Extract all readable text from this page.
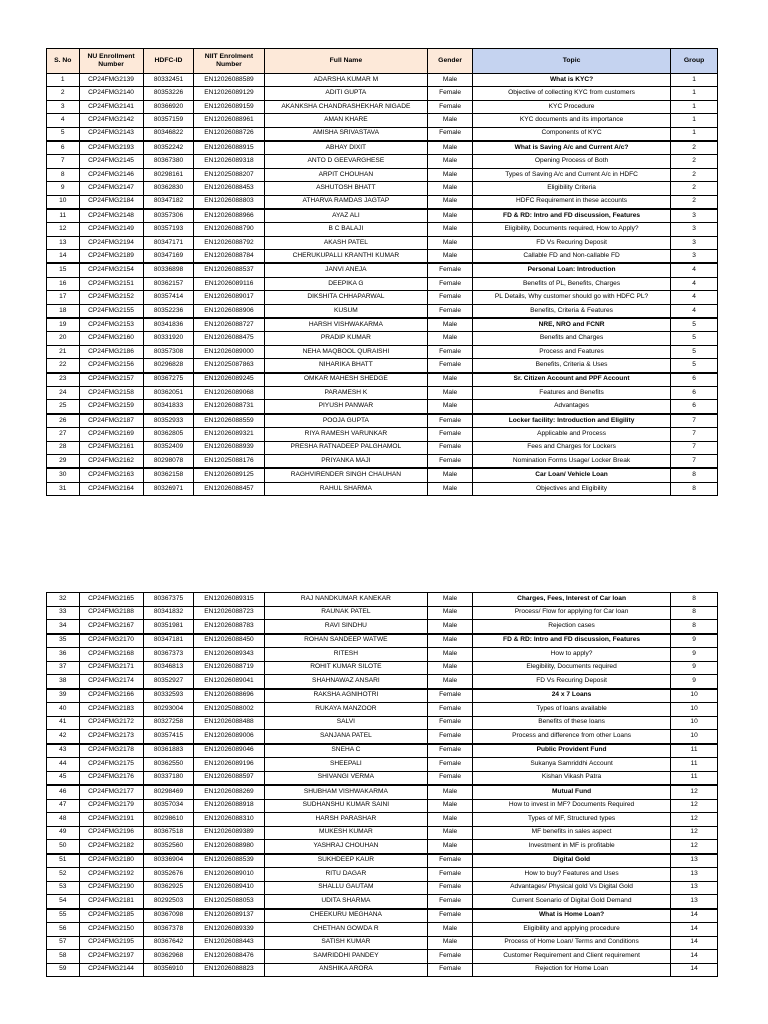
S. No	NU Enrollment Number	HDFC-ID	NIIT Enrolment Number	Full Name	Gender	Topic	Group
1	CP24FMG2139	80332451	EN12026088589	ADARSHA KUMAR M	Male	What is KYC?	1
2	CP24FMG2140	80353226	EN12026089129	ADITI GUPTA	Female	Objective of collecting KYC from customers	1
3	CP24FMG2141	80366920	EN12026089159	AKANKSHA CHANDRASHEKHAR NIGADE	Female	KYC Procedure	1
4	CP24FMG2142	80357159	EN12026088961	AMAN KHARE	Male	KYC documents and its importance	1
5	CP24FMG2143	80346822	EN12026088726	AMISHA SRIVASTAVA	Female	Components of KYC	1
6	CP24FMG2193	80352242	EN12026088915	ABHAY DIXIT	Male	What is Saving A/c and Current A/c?	2
7	CP24FMG2145	80367380	EN12026089318	ANTO D GEEVARGHESE	Male	Opening Process of Both	2
8	CP24FMG2146	80298161	EN12025088207	ARPIT CHOUHAN	Male	Types of Saving A/c and Current A/c in HDFC	2
9	CP24FMG2147	80362830	EN12026088453	ASHUTOSH BHATT	Male	Eligibility Criteria	2
10	CP24FMG2184	80347182	EN12026088803	ATHARVA RAMDAS JAGTAP	Male	HDFC Requirement in these accounts	2
11	CP24FMG2148	80357306	EN12026088966	AYAZ ALI	Male	FD & RD: Intro and FD discussion, Features	3
12	CP24FMG2149	80357193	EN12026088790	B C BALAJI	Male	Eligibility, Documents required, How to Apply?	3
13	CP24FMG2194	80347171	EN12026088792	AKASH PATEL	Male	FD Vs Recuring Deposit	3
14	CP24FMG2189	80347169	EN12026088784	CHERUKUPALLI KRANTHI KUMAR	Male	Callable FD and Non-callable FD	3
15	CP24FMG2154	80336898	EN12026088537	JANVI ANEJA	Female	Personal Loan: Introduction	4
16	CP24FMG2151	80362157	EN12026089116	DEEPIKA G	Female	Benefits of PL, Benefits, Charges	4
17	CP24FMG2152	80357414	EN12026089017	DIKSHITA CHHAPARWAL	Female	PL Details, Why customer should go with HDFC PL?	4
18	CP24FMG2155	80352236	EN12026088906	KUSUM	Female	Benefits, Criteria & Features	4
19	CP24FMG2153	80341836	EN12026088727	HARSH VISHWAKARMA	Male	NRE, NRO and FCNR	5
20	CP24FMG2160	80331920	EN12026088475	PRADIP KUMAR	Male	Benefits and Charges	5
21	CP24FMG2186	80357308	EN12026089000	NEHA MAQBOOL QURAISHI	Female	Process and Features	5
22	CP24FMG2156	80296828	EN12025087863	NIHARIKA BHATT	Female	Benefits, Criteria & Uses	5
23	CP24FMG2157	80367275	EN12026089245	OMKAR MAHESH SHEDGE	Male	Sr. Citizen Account and PPF Account	6
24	CP24FMG2158	80362051	EN12026089068	PARAMESH K	Male	Features and Benefits	6
25	CP24FMG2159	80341833	EN12026088731	PIYUSH PANWAR	Male	Advantages	6
26	CP24FMG2187	80352933	EN12026088559	POOJA GUPTA	Female	Locker facility: Introduction and Eligility	7
27	CP24FMG2169	80362805	EN12026089321	RIYA RAMESH VARUNKAR	Female	Applicable and Process	7
28	CP24FMG2161	80352409	EN12026088939	PRESHA RATNADEEP PALGHAMOL	Female	Fees and Charges for Lockers	7
29	CP24FMG2162	80298078	EN12025088176	PRIYANKA MAJI	Female	Nomination Forms Usage/ Locker Break	7
30	CP24FMG2163	80362158	EN12026089125	RAGHVIRENDER SINGH CHAUHAN	Male	Car Loan/ Vehicle Loan	8
31	CP24FMG2164	80326971	EN12026088457	RAHUL SHARMA	Male	Objectives and Eligibility	8
32	CP24FMG2165	80367375	EN12026089315	RAJ NANDKUMAR KANEKAR	Male	Charges, Fees, Interest of Car loan	8
33	CP24FMG2188	80341832	EN12026088723	RAUNAK PATEL	Male	Process/ Flow for applying for Car loan	8
34	CP24FMG2167	80351981	EN12026088783	RAVI SINDHU	Male	Rejection cases	8
35	CP24FMG2170	80347181	EN12026088450	ROHAN SANDEEP WATWE	Male	FD & RD: Intro and FD discussion, Features	9
36	CP24FMG2168	80367373	EN12026089343	RITESH	Male	How to apply?	9
37	CP24FMG2171	80346813	EN12026088719	ROHIT KUMAR SILOTE	Male	Elegibility, Documents required	9
38	CP24FMG2174	80352927	EN12026089041	SHAHNAWAZ ANSARI	Male	FD Vs Recuring Deposit	9
39	CP24FMG2166	80332593	EN12026088696	RAKSHA AGNIHOTRI	Female	24 x 7 Loans	10
40	CP24FMG2183	80293004	EN12025088002	RUKAYA MANZOOR	Female	Types of loans available	10
41	CP24FMG2172	80327258	EN12026088488	SALVI	Female	Benefits of these loans	10
42	CP24FMG2173	80357415	EN12026089006	SANJANA PATEL	Female	Process and difference from other Loans	10
43	CP24FMG2178	80361883	EN12026089046	SNEHA C	Female	Public Provident Fund	11
44	CP24FMG2175	80362550	EN12026089196	SHEEPALI	Female	Sukanya Samriddhi Account	11
45	CP24FMG2176	80337180	EN12026088597	SHIVANGI VERMA	Female	Kishan Vikash Patra	11
46	CP24FMG2177	80298469	EN12026088269	SHUBHAM VISHWAKARMA	Male	Mutual Fund	12
47	CP24FMG2179	80357034	EN12026088918	SUDHANSHU KUMAR SAINI	Male	How to invest in MF? Documents Required	12
48	CP24FMG2191	80298610	EN12026088310	HARSH PARASHAR	Male	Types of MF, Structured types	12
49	CP24FMG2196	80367518	EN12026089389	MUKESH KUMAR	Male	MF benefits in sales aspect	12
50	CP24FMG2182	80352560	EN12026088980	YASHRAJ CHOUHAN	Male	Investment in MF is profitable	12
51	CP24FMG2180	80336904	EN12026088539	SUKHDEEP KAUR	Female	Digital Gold	13
52	CP24FMG2192	80352676	EN12026089010	RITU DAGAR	Female	How to buy? Features and Uses	13
53	CP24FMG2190	80362925	EN12026089410	SHALLU GAUTAM	Female	Advantages/ Physical gold Vs Digital Gold	13
54	CP24FMG2181	80292503	EN12025088053	UDITA SHARMA	Female	Current Scenario of Digital Gold Demand	13
55	CP24FMG2185	80367098	EN12026089137	CHEEKURU MEGHANA	Female	What is Home Loan?	14
56	CP24FMG2150	80367378	EN12026089339	CHETHAN GOWDA R	Male	Eligibility and applying procedure	14
57	CP24FMG2195	80367642	EN12026088443	SATISH KUMAR	Male	Process of Home Loan/ Terms and Conditions	14
58	CP24FMG2197	80362968	EN12026088476	SAMRIDDHI PANDEY	Female	Customer Requirement and Client requirement	14
59	CP24FMG2144	80356910	EN12026088823	ANSHIKA ARORA	Female	Rejection for Home Loan	14
